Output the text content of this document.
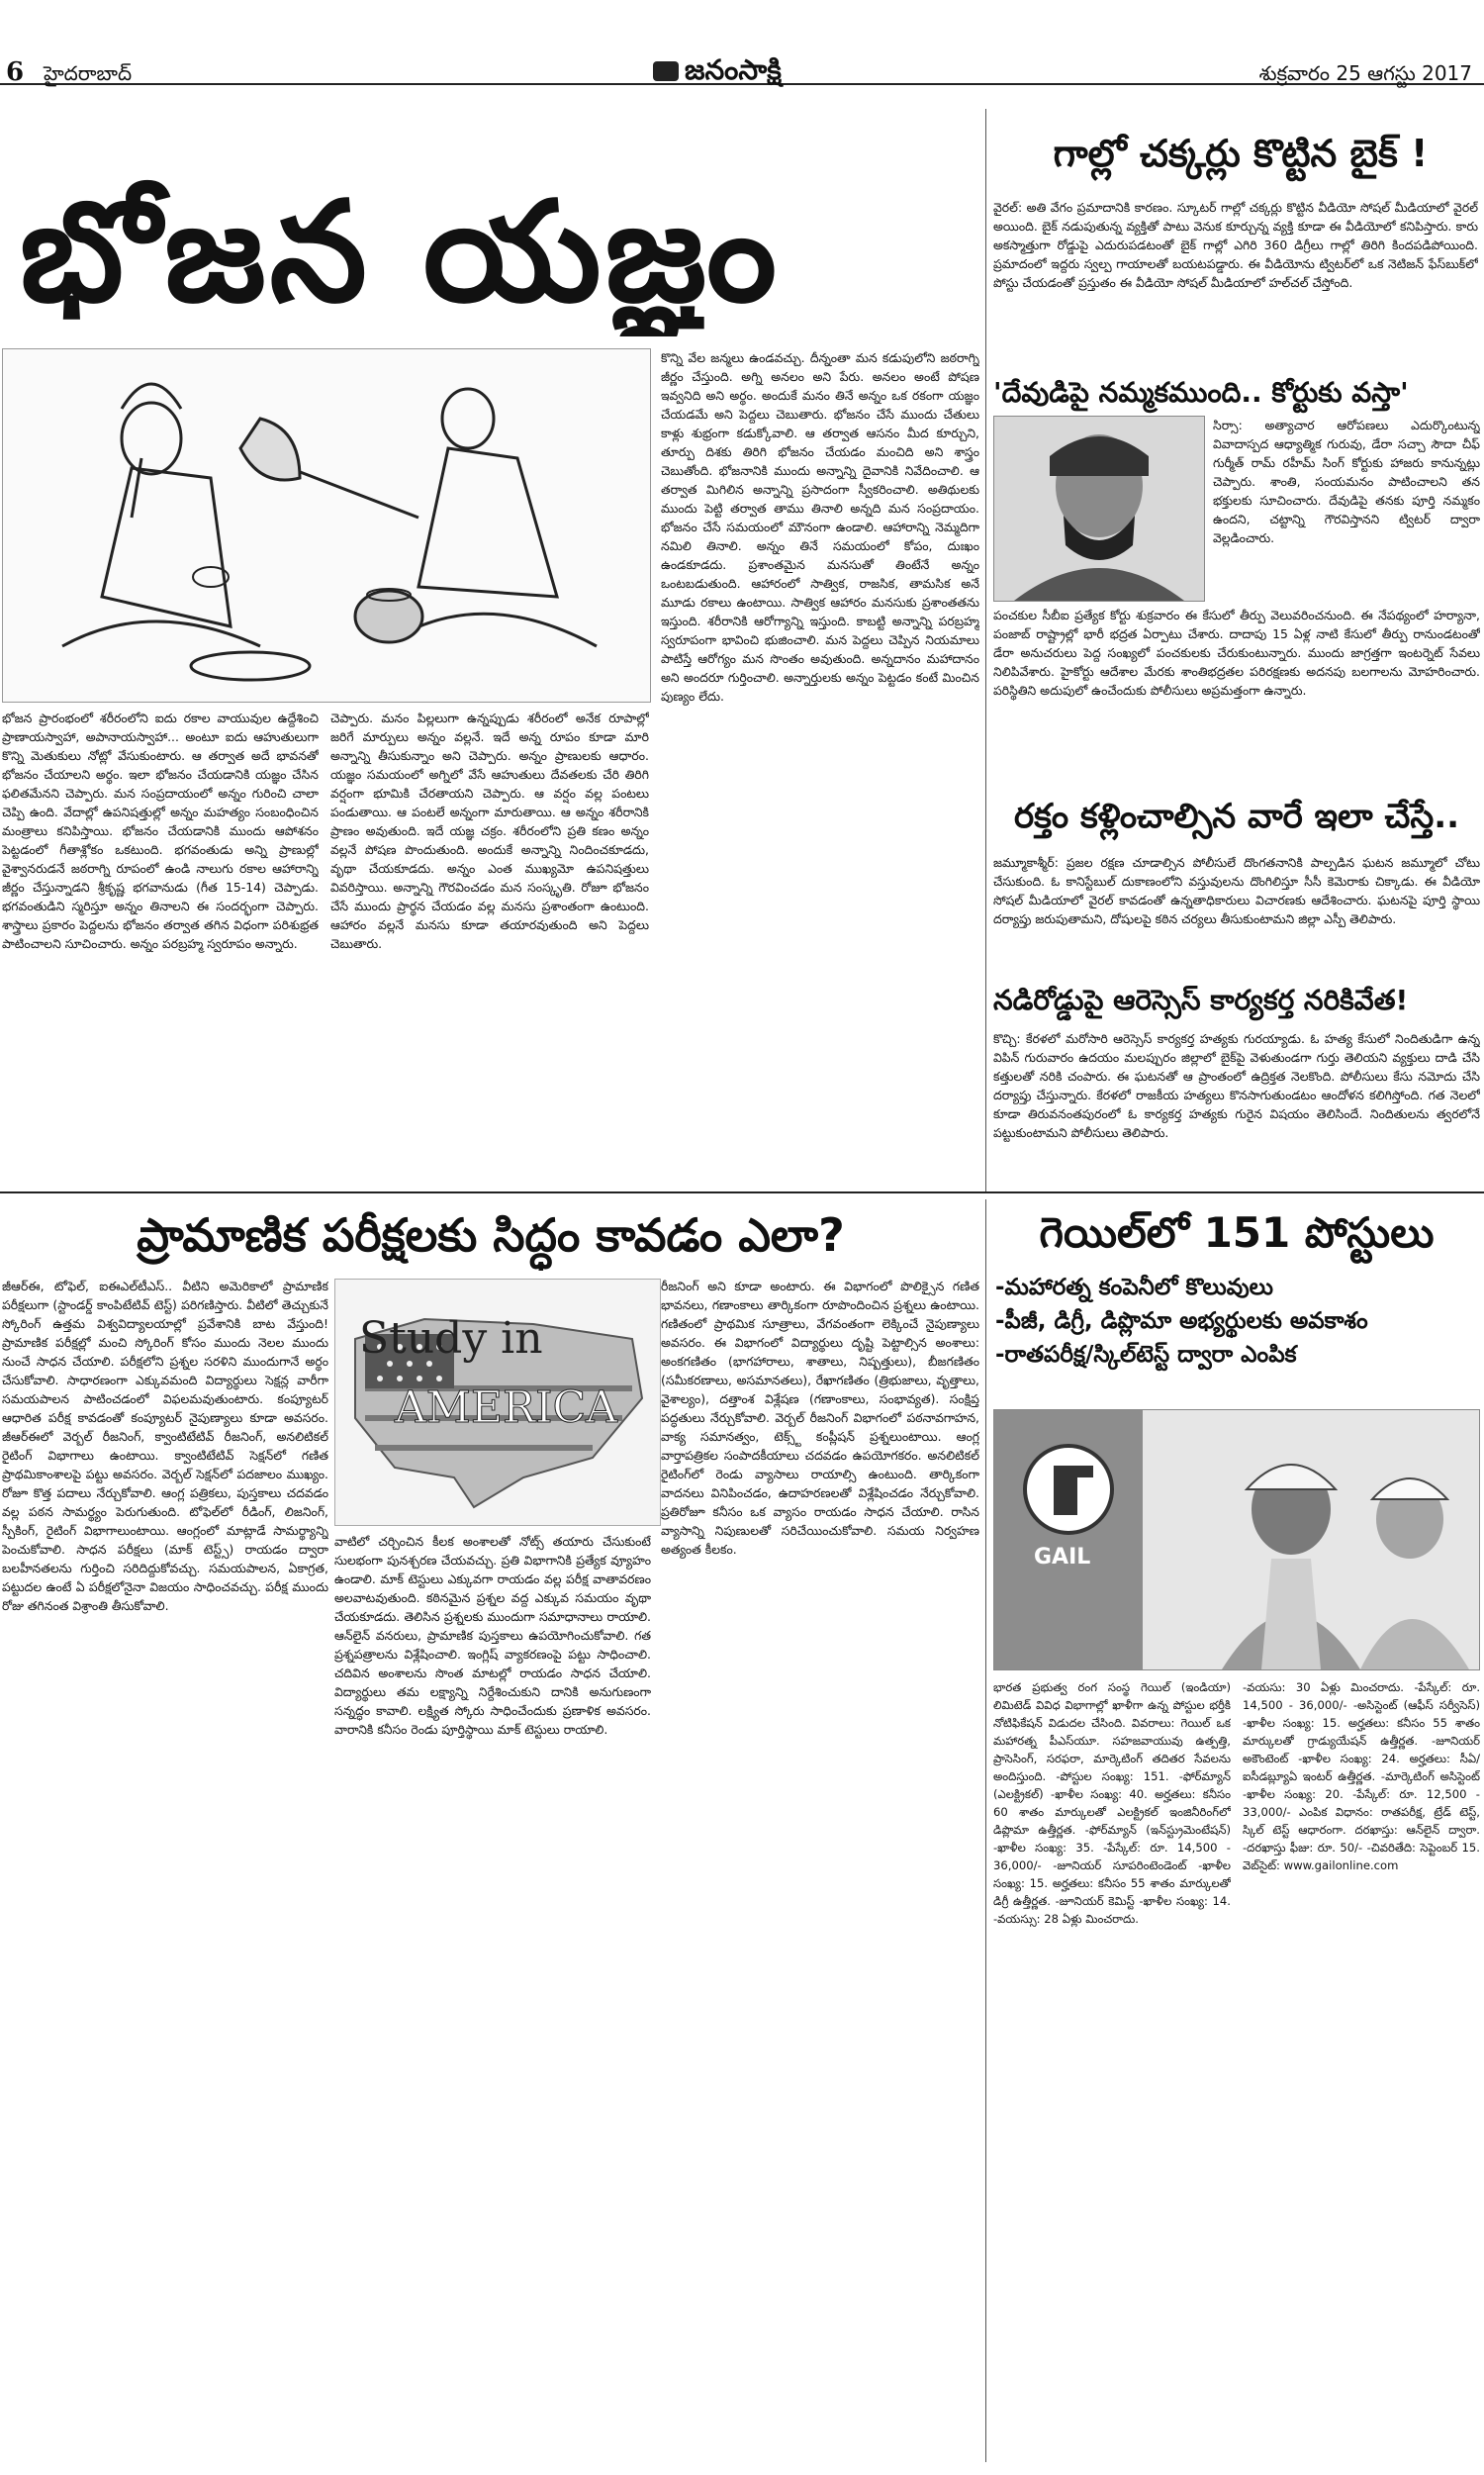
6 హైదరాబాద్	జనంసాక్షి	శుక్రవారం 25 ఆగస్టు 2017
భోజన యజ్ఞం
భోజన ప్రారంభంలో శరీరంలోని ఐదు రకాల వాయువుల ఉద్దేశించి ప్రాణాయస్వాహా, అపానాయస్వాహా... అంటూ ఐదు ఆహుతులుగా కొన్ని మెతుకులు నోట్లో వేసుకుంటారు. ఆ తర్వాత అదే భావనతో భోజనం చేయాలని అర్థం. ఇలా భోజనం చేయడానికి యజ్ఞం చేసిన ఫలితమేనని చెప్పారు. మన సంప్రదాయంలో అన్నం గురించి చాలా చెప్పి ఉంది. వేదాల్లో ఉపనిషత్తుల్లో అన్నం మహత్యం సంబంధించిన మంత్రాలు కనిపిస్తాయి. భోజనం చేయడానికి ముందు ఆపోశనం పెట్టడంలో గీతాశ్లోకం ఒకటుంది. భగవంతుడు అన్ని ప్రాణుల్లో వైశ్వానరుడనే జఠరాగ్ని రూపంలో ఉండి నాలుగు రకాల ఆహారాన్ని జీర్ణం చేస్తున్నాడని శ్రీకృష్ణ భగవానుడు (గీత 15-14) చెప్పాడు. భగవంతుడిని స్మరిస్తూ అన్నం తినాలని ఈ సందర్భంగా చెప్పారు. శాస్త్రాలు ప్రకారం పెద్దలను భోజనం తర్వాత తగిన విధంగా పరిశుభ్రత పాటించాలని సూచించారు. అన్నం పరబ్రహ్మ స్వరూపం అన్నారు.
చెప్పారు. మనం పిల్లలుగా ఉన్నప్పుడు శరీరంలో అనేక రూపాల్లో జరిగే మార్పులు అన్నం వల్లనే. ఇదే అన్న రూపం కూడా మారి అన్నాన్ని తీసుకున్నాం అని చెప్పారు. అన్నం ప్రాణులకు ఆధారం. యజ్ఞం సమయంలో అగ్నిలో వేసే ఆహుతులు దేవతలకు చేరి తిరిగి వర్షంగా భూమికి చేరతాయని చెప్పారు. ఆ వర్షం వల్ల పంటలు పండుతాయి. ఆ పంటలే అన్నంగా మారుతాయి. ఆ అన్నం శరీరానికి ప్రాణం అవుతుంది. ఇదే యజ్ఞ చక్రం. శరీరంలోని ప్రతి కణం అన్నం వల్లనే పోషణ పొందుతుంది. అందుకే అన్నాన్ని నిందించకూడదు, వృథా చేయకూడదు. అన్నం ఎంత ముఖ్యమో ఉపనిషత్తులు వివరిస్తాయి. అన్నాన్ని గౌరవించడం మన సంస్కృతి. రోజూ భోజనం చేసే ముందు ప్రార్థన చేయడం వల్ల మనసు ప్రశాంతంగా ఉంటుంది. ఆహారం వల్లనే మనసు కూడా తయారవుతుంది అని పెద్దలు చెబుతారు.
కొన్ని వేల జన్మలు ఉండవచ్చు. దీన్నంతా మన కడుపులోని జఠరాగ్ని జీర్ణం చేస్తుంది. అగ్ని అనలం అని పేరు. అనలం అంటే పోషణ ఇవ్వనిది అని అర్థం. అందుకే మనం తినే అన్నం ఒక రకంగా యజ్ఞం చేయడమే అని పెద్దలు చెబుతారు. భోజనం చేసే ముందు చేతులు కాళ్లు శుభ్రంగా కడుక్కోవాలి. ఆ తర్వాత ఆసనం మీద కూర్చుని, తూర్పు దిశకు తిరిగి భోజనం చేయడం మంచిది అని శాస్త్రం చెబుతోంది. భోజనానికి ముందు అన్నాన్ని దైవానికి నివేదించాలి. ఆ తర్వాత మిగిలిన అన్నాన్ని ప్రసాదంగా స్వీకరించాలి. అతిథులకు ముందు పెట్టి తర్వాత తాము తినాలి అన్నది మన సంప్రదాయం. భోజనం చేసే సమయంలో మౌనంగా ఉండాలి. ఆహారాన్ని నెమ్మదిగా నమిలి తినాలి. అన్నం తినే సమయంలో కోపం, దుఃఖం ఉండకూడదు. ప్రశాంతమైన మనసుతో తింటేనే అన్నం ఒంటబడుతుంది. ఆహారంలో సాత్విక, రాజసిక, తామసిక అనే మూడు రకాలు ఉంటాయి. సాత్విక ఆహారం మనసుకు ప్రశాంతతను ఇస్తుంది. శరీరానికి ఆరోగ్యాన్ని ఇస్తుంది. కాబట్టి అన్నాన్ని పరబ్రహ్మ స్వరూపంగా భావించి భుజించాలి. మన పెద్దలు చెప్పిన నియమాలు పాటిస్తే ఆరోగ్యం మన సొంతం అవుతుంది. అన్నదానం మహాదానం అని అందరూ గుర్తించాలి. అన్నార్తులకు అన్నం పెట్టడం కంటే మించిన పుణ్యం లేదు.
గాల్లో చక్కర్లు కొట్టిన బైక్ !
వైరల్: అతి వేగం ప్రమాదానికి కారణం. స్కూటర్ గాల్లో చక్కర్లు కొట్టిన వీడియో సోషల్ మీడియాలో వైరల్ అయింది. బైక్ నడుపుతున్న వ్యక్తితో పాటు వెనుక కూర్చున్న వ్యక్తి కూడా ఈ వీడియోలో కనిపిస్తారు. కారు అకస్మాత్తుగా రోడ్డుపై ఎదురుపడటంతో బైక్ గాల్లో ఎగిరి 360 డిగ్రీలు గాల్లో తిరిగి కిందపడిపోయింది. ప్రమాదంలో ఇద్దరు స్వల్ప గాయాలతో బయటపడ్డారు. ఈ వీడియోను ట్విటర్‌లో ఒక నెటిజన్ ఫేస్‌బుక్‌లో పోస్టు చేయడంతో ప్రస్తుతం ఈ వీడియో సోషల్ మీడియాలో హల్‌చల్ చేస్తోంది.
'దేవుడిపై నమ్మకముంది.. కోర్టుకు వస్తా'
సిర్సా: అత్యాచార ఆరోపణలు ఎదుర్కొంటున్న వివాదాస్పద ఆధ్యాత్మిక గురువు, డేరా సచ్చా సౌదా చీఫ్ గుర్మీత్ రామ్ రహీమ్ సింగ్ కోర్టుకు హాజరు కానున్నట్లు చెప్పారు. శాంతి, సంయమనం పాటించాలని తన భక్తులకు సూచించారు. దేవుడిపై తనకు పూర్తి నమ్మకం ఉందని, చట్టాన్ని గౌరవిస్తానని ట్విటర్ ద్వారా వెల్లడించారు.
పంచకుల సీబీఐ ప్రత్యేక కోర్టు శుక్రవారం ఈ కేసులో తీర్పు వెలువరించనుంది. ఈ నేపథ్యంలో హర్యానా, పంజాబ్ రాష్ట్రాల్లో భారీ భద్రత ఏర్పాటు చేశారు. దాదాపు 15 ఏళ్ల నాటి కేసులో తీర్పు రానుండటంతో డేరా అనుచరులు పెద్ద సంఖ్యలో పంచకులకు చేరుకుంటున్నారు. ముందు జాగ్రత్తగా ఇంటర్నెట్ సేవలు నిలిపివేశారు. హైకోర్టు ఆదేశాల మేరకు శాంతిభద్రతల పరిరక్షణకు అదనపు బలగాలను మోహరించారు. పరిస్థితిని అదుపులో ఉంచేందుకు పోలీసులు అప్రమత్తంగా ఉన్నారు.
రక్తం కళ్లించాల్సిన వారే ఇలా చేస్తే..
జమ్మూకాశ్మీర్: ప్రజల రక్షణ చూడాల్సిన పోలీసులే దొంగతనానికి పాల్పడిన ఘటన జమ్మూలో చోటు చేసుకుంది. ఓ కానిస్టేబుల్ దుకాణంలోని వస్తువులను దొంగిలిస్తూ సీసీ కెమెరాకు చిక్కాడు. ఈ వీడియో సోషల్ మీడియాలో వైరల్ కావడంతో ఉన్నతాధికారులు విచారణకు ఆదేశించారు. ఘటనపై పూర్తి స్థాయి దర్యాప్తు జరుపుతామని, దోషులపై కఠిన చర్యలు తీసుకుంటామని జిల్లా ఎస్పీ తెలిపారు.
నడిరోడ్డుపై ఆరెస్సెస్ కార్యకర్త నరికివేత!
కొచ్చి: కేరళలో మరోసారి ఆరెస్సెస్ కార్యకర్త హత్యకు గురయ్యాడు. ఓ హత్య కేసులో నిందితుడిగా ఉన్న విపిన్ గురువారం ఉదయం మలప్పురం జిల్లాలో బైక్‌పై వెళుతుండగా గుర్తు తెలియని వ్యక్తులు దాడి చేసి కత్తులతో నరికి చంపారు. ఈ ఘటనతో ఆ ప్రాంతంలో ఉద్రిక్తత నెలకొంది. పోలీసులు కేసు నమోదు చేసి దర్యాప్తు చేస్తున్నారు. కేరళలో రాజకీయ హత్యలు కొనసాగుతుండటం ఆందోళన కలిగిస్తోంది. గత నెలలో కూడా తిరువనంతపురంలో ఓ కార్యకర్త హత్యకు గురైన విషయం తెలిసిందే. నిందితులను త్వరలోనే పట్టుకుంటామని పోలీసులు తెలిపారు.
ప్రామాణిక పరీక్షలకు సిద్ధం కావడం ఎలా?
జీఆర్ఈ, టోఫెల్, ఐఈఎల్‌టీఎస్.. వీటిని అమెరికాలో ప్రామాణిక పరీక్షలుగా (స్టాండర్డ్ కాంపిటేటివ్ టెస్ట్) పరిగణిస్తారు. వీటిలో తెచ్చుకునే స్కోరింగ్ ఉత్తమ విశ్వవిద్యాలయాల్లో ప్రవేశానికి బాట వేస్తుంది! ప్రామాణిక పరీక్షల్లో మంచి స్కోరింగ్ కోసం ముందు నెలల ముందు నుంచే సాధన చేయాలి. పరీక్షలోని ప్రశ్నల సరళిని ముందుగానే అర్థం చేసుకోవాలి. సాధారణంగా ఎక్కువమంది విద్యార్థులు సెక్షన్ల వారీగా సమయపాలన పాటించడంలో విఫలమవుతుంటారు. కంప్యూటర్ ఆధారిత పరీక్ష కావడంతో కంప్యూటర్ నైపుణ్యాలు కూడా అవసరం. జీఆర్ఈలో వెర్బల్ రీజనింగ్, క్వాంటిటేటివ్ రీజనింగ్, అనలిటికల్ రైటింగ్ విభాగాలు ఉంటాయి. క్వాంటిటేటివ్ సెక్షన్‌లో గణిత ప్రాథమికాంశాలపై పట్టు అవసరం. వెర్బల్ సెక్షన్‌లో పదజాలం ముఖ్యం. రోజూ కొత్త పదాలు నేర్చుకోవాలి. ఆంగ్ల పత్రికలు, పుస్తకాలు చదవడం వల్ల పఠన సామర్థ్యం పెరుగుతుంది. టోఫెల్‌లో రీడింగ్, లిజనింగ్, స్పీకింగ్, రైటింగ్ విభాగాలుంటాయి. ఆంగ్లంలో మాట్లాడే సామర్థ్యాన్ని పెంచుకోవాలి. సాధన పరీక్షలు (మాక్ టెస్ట్స్) రాయడం ద్వారా బలహీనతలను గుర్తించి సరిదిద్దుకోవచ్చు. సమయపాలన, ఏకాగ్రత, పట్టుదల ఉంటే ఏ పరీక్షలోనైనా విజయం సాధించవచ్చు. పరీక్ష ముందు రోజు తగినంత విశ్రాంతి తీసుకోవాలి.
Study in
AMERICA
వాటిలో చర్చించిన కీలక అంశాలతో నోట్స్ తయారు చేసుకుంటే సులభంగా పునశ్చరణ చేయవచ్చు. ప్రతి విభాగానికి ప్రత్యేక వ్యూహం ఉండాలి. మాక్ టెస్టులు ఎక్కువగా రాయడం వల్ల పరీక్ష వాతావరణం అలవాటవుతుంది. కఠినమైన ప్రశ్నల వద్ద ఎక్కువ సమయం వృథా చేయకూడదు. తెలిసిన ప్రశ్నలకు ముందుగా సమాధానాలు రాయాలి. ఆన్‌లైన్ వనరులు, ప్రామాణిక పుస్తకాలు ఉపయోగించుకోవాలి. గత ప్రశ్నపత్రాలను విశ్లేషించాలి. ఇంగ్లిష్ వ్యాకరణంపై పట్టు సాధించాలి. చదివిన అంశాలను సొంత మాటల్లో రాయడం సాధన చేయాలి. విద్యార్థులు తమ లక్ష్యాన్ని నిర్దేశించుకుని దానికి అనుగుణంగా సన్నద్ధం కావాలి. లక్ష్యిత స్కోరు సాధించేందుకు ప్రణాళిక అవసరం. వారానికి కనీసం రెండు పూర్తిస్థాయి మాక్ టెస్టులు రాయాలి.
రీజనింగ్ అని కూడా అంటారు. ఈ విభాగంలో పొలిక్సైన గణిత భావనలు, గణాంకాలు తార్కికంగా రూపొందించిన ప్రశ్నలు ఉంటాయి. గణితంలో ప్రాథమిక సూత్రాలు, వేగవంతంగా లెక్కించే నైపుణ్యాలు అవసరం. ఈ విభాగంలో విద్యార్థులు దృష్టి పెట్టాల్సిన అంశాలు: అంకగణితం (భాగహారాలు, శాతాలు, నిష్పత్తులు), బీజగణితం (సమీకరణాలు, అసమానతలు), రేఖాగణితం (త్రిభుజాలు, వృత్తాలు, వైశాల్యం), దత్తాంశ విశ్లేషణ (గణాంకాలు, సంభావ్యత). సంక్షిప్త పద్ధతులు నేర్చుకోవాలి. వెర్బల్ రీజనింగ్ విభాగంలో పఠనావగాహన, వాక్య సమానత్వం, టెక్స్ట్ కంప్లీషన్ ప్రశ్నలుంటాయి. ఆంగ్ల వార్తాపత్రికల సంపాదకీయాలు చదవడం ఉపయోగకరం. అనలిటికల్ రైటింగ్‌లో రెండు వ్యాసాలు రాయాల్సి ఉంటుంది. తార్కికంగా వాదనలు వినిపించడం, ఉదాహరణలతో విశ్లేషించడం నేర్చుకోవాలి. ప్రతిరోజూ కనీసం ఒక వ్యాసం రాయడం సాధన చేయాలి. రాసిన వ్యాసాన్ని నిపుణులతో సరిచేయించుకోవాలి. సమయ నిర్వహణ అత్యంత కీలకం.
గెయిల్‌లో 151 పోస్టులు
-మహారత్న కంపెనీలో కొలువులు
-పీజీ, డిగ్రీ, డిప్లొమా అభ్యర్థులకు అవకాశం
-రాతపరీక్ష/స్కిల్‌టెస్ట్ ద్వారా ఎంపిక
GAIL
భారత ప్రభుత్వ రంగ సంస్థ గెయిల్ (ఇండియా) లిమిటెడ్ వివిధ విభాగాల్లో ఖాళీగా ఉన్న పోస్టుల భర్తీకి నోటిఫికేషన్ విడుదల చేసింది. వివరాలు: గెయిల్ ఒక మహారత్న పీఎస్‌యూ. సహజవాయువు ఉత్పత్తి, ప్రాసెసింగ్, సరఫరా, మార్కెటింగ్ తదితర సేవలను అందిస్తుంది. -పోస్టుల సంఖ్య: 151. -ఫోర్‌మ్యాన్ (ఎలక్ట్రికల్) -ఖాళీల సంఖ్య: 40. అర్హతలు: కనీసం 60 శాతం మార్కులతో ఎలక్ట్రికల్ ఇంజినీరింగ్‌లో డిప్లొమా ఉత్తీర్ణత. -ఫోర్‌మ్యాన్ (ఇన్‌స్ట్రుమెంటేషన్) -ఖాళీల సంఖ్య: 35. -పేస్కేల్: రూ. 14,500 - 36,000/- -జూనియర్ సూపరింటెండెంట్ -ఖాళీల సంఖ్య: 15. అర్హతలు: కనీసం 55 శాతం మార్కులతో డిగ్రీ ఉత్తీర్ణత. -జూనియర్ కెమిస్ట్ -ఖాళీల సంఖ్య: 14. -వయస్సు: 28 ఏళ్లు మించరాదు.
-వయసు: 30 ఏళ్లు మించరాదు. -పేస్కేల్: రూ. 14,500 - 36,000/- -అసిస్టెంట్ (ఆఫీస్ సర్వీసెస్) -ఖాళీల సంఖ్య: 15. అర్హతలు: కనీసం 55 శాతం మార్కులతో గ్రాడ్యుయేషన్ ఉత్తీర్ణత. -జూనియర్ అకౌంటెంట్ -ఖాళీల సంఖ్య: 24. అర్హతలు: సీఏ/ఐసీడబ్ల్యూఏ ఇంటర్ ఉత్తీర్ణత. -మార్కెటింగ్ అసిస్టెంట్ -ఖాళీల సంఖ్య: 20. -పేస్కేల్: రూ. 12,500 - 33,000/- ఎంపిక విధానం: రాతపరీక్ష, ట్రేడ్ టెస్ట్, స్కిల్ టెస్ట్ ఆధారంగా. దరఖాస్తు: ఆన్‌లైన్ ద్వారా. -దరఖాస్తు ఫీజు: రూ. 50/- -చివరితేది: సెప్టెంబర్ 15. వెబ్‌సైట్: www.gailonline.com
